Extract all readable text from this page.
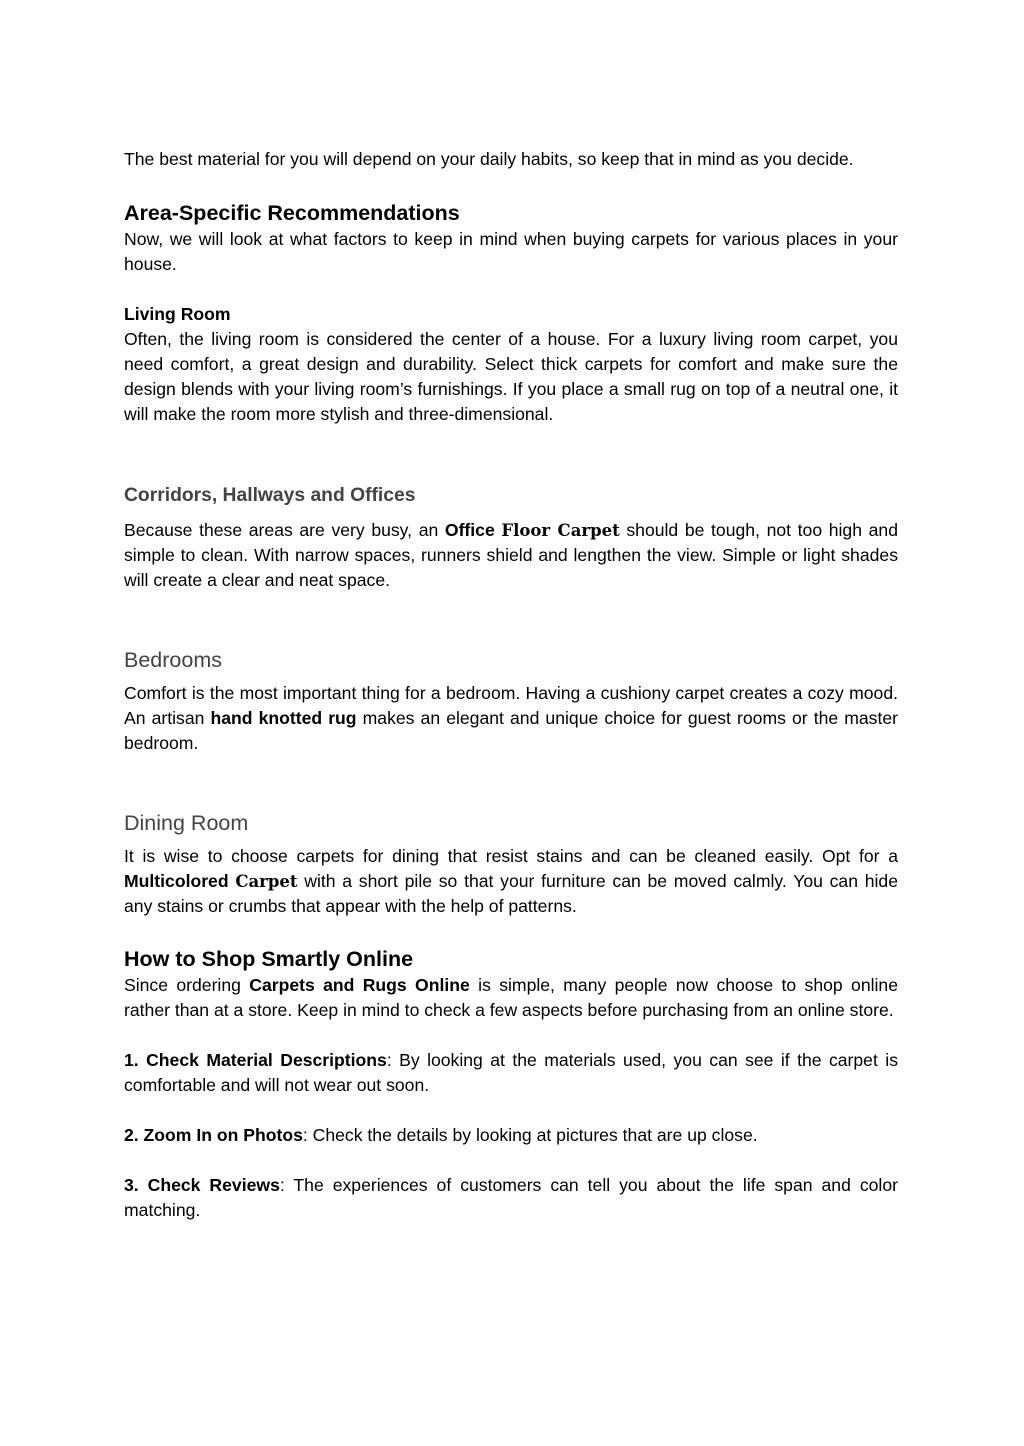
The best material for you will depend on your daily habits, so keep that in mind as you decide.

Area-Specific Recommendations

Now, we will look at what factors to keep in mind when buying carpets for various places in your house.

Living Room

Often, the living room is considered the center of a house. For a luxury living room carpet, you need comfort, a great design and durability. Select thick carpets for comfort and make sure the design blends with your living room’s furnishings. If you place a small rug on top of a neutral one, it will make the room more stylish and three-dimensional.

Corridors, Hallways and Offices

Because these areas are very busy, an Office Floor Carpet should be tough, not too high and simple to clean. With narrow spaces, runners shield and lengthen the view. Simple or light shades will create a clear and neat space.

Bedrooms

Comfort is the most important thing for a bedroom. Having a cushiony carpet creates a cozy mood. An artisan hand knotted rug makes an elegant and unique choice for guest rooms or the master bedroom.

Dining Room

It is wise to choose carpets for dining that resist stains and can be cleaned easily. Opt for a Multicolored Carpet with a short pile so that your furniture can be moved calmly. You can hide any stains or crumbs that appear with the help of patterns.

How to Shop Smartly Online

Since ordering Carpets and Rugs Online is simple, many people now choose to shop online rather than at a store. Keep in mind to check a few aspects before purchasing from an online store.

1. Check Material Descriptions: By looking at the materials used, you can see if the carpet is comfortable and will not wear out soon.

2. Zoom In on Photos: Check the details by looking at pictures that are up close.

3. Check Reviews: The experiences of customers can tell you about the life span and color matching.
